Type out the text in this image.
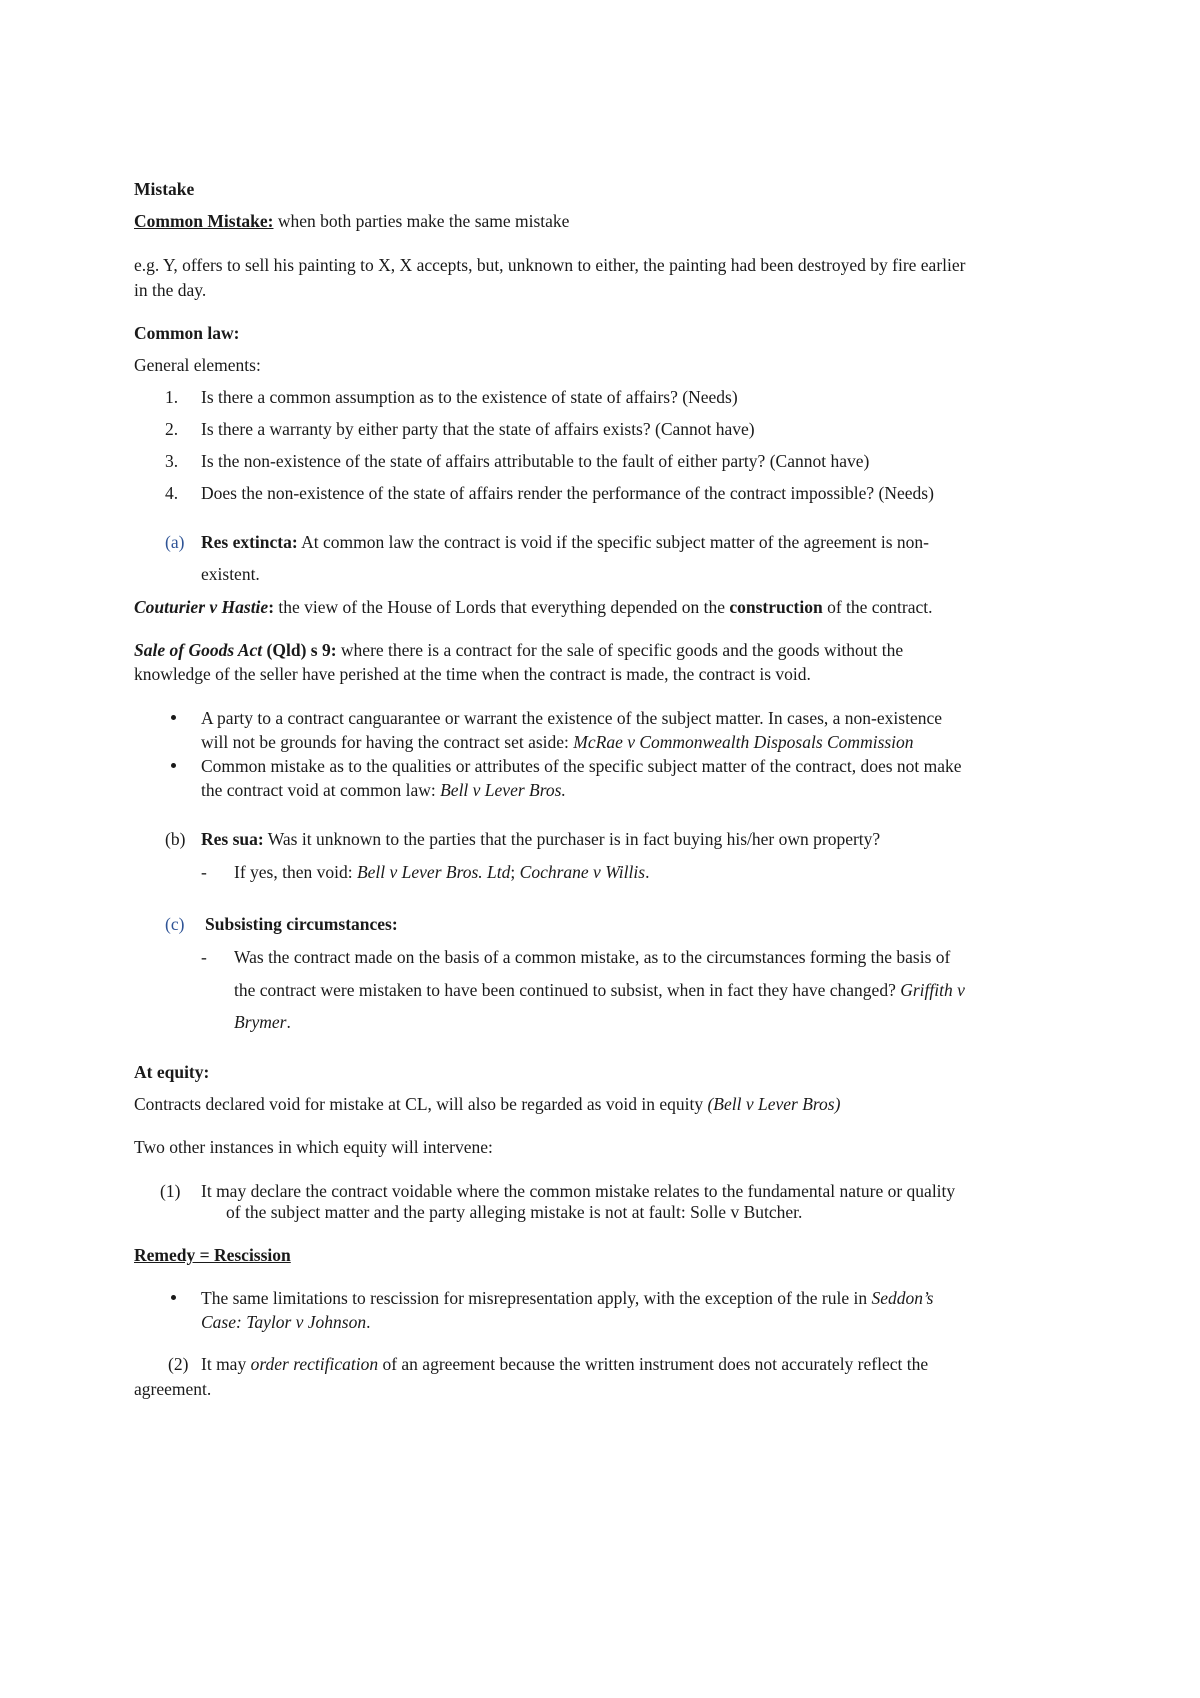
Mistake
Common Mistake: when both parties make the same mistake
e.g. Y, offers to sell his painting to X, X accepts, but, unknown to either, the painting had been destroyed by fire earlier
in the day.
Common law:
General elements:
1. Is there a common assumption as to the existence of state of affairs? (Needs)
2. Is there a warranty by either party that the state of affairs exists? (Cannot have)
3. Is the non-existence of the state of affairs attributable to the fault of either party? (Cannot have)
4. Does the non-existence of the state of affairs render the performance of the contract impossible? (Needs)
(a) Res extincta: At common law the contract is void if the specific subject matter of the agreement is non-
existent.
Couturier v Hastie: the view of the House of Lords that everything depended on the construction of the contract.
Sale of Goods Act (Qld) s 9: where there is a contract for the sale of specific goods and the goods without the
knowledge of the seller have perished at the time when the contract is made, the contract is void.
A party to a contract canguarantee or warrant the existence of the subject matter. In cases, a non-existence
will not be grounds for having the contract set aside: McRae v Commonwealth Disposals Commission
Common mistake as to the qualities or attributes of the specific subject matter of the contract, does not make
the contract void at common law: Bell v Lever Bros.
(b) Res sua: Was it unknown to the parties that the purchaser is in fact buying his/her own property?
- If yes, then void: Bell v Lever Bros. Ltd; Cochrane v Willis.
(c) Subsisting circumstances:
- Was the contract made on the basis of a common mistake, as to the circumstances forming the basis of
the contract were mistaken to have been continued to subsist, when in fact they have changed? Griffith v
Brymer.
At equity:
Contracts declared void for mistake at CL, will also be regarded as void in equity (Bell v Lever Bros)
Two other instances in which equity will intervene:
(1) It may declare the contract voidable where the common mistake relates to the fundamental nature or quality
of the subject matter and the party alleging mistake is not at fault: Solle v Butcher.
Remedy = Rescission
The same limitations to rescission for misrepresentation apply, with the exception of the rule in Seddon’s
Case: Taylor v Johnson.
(2) It may order rectification of an agreement because the written instrument does not accurately reflect the
agreement.
